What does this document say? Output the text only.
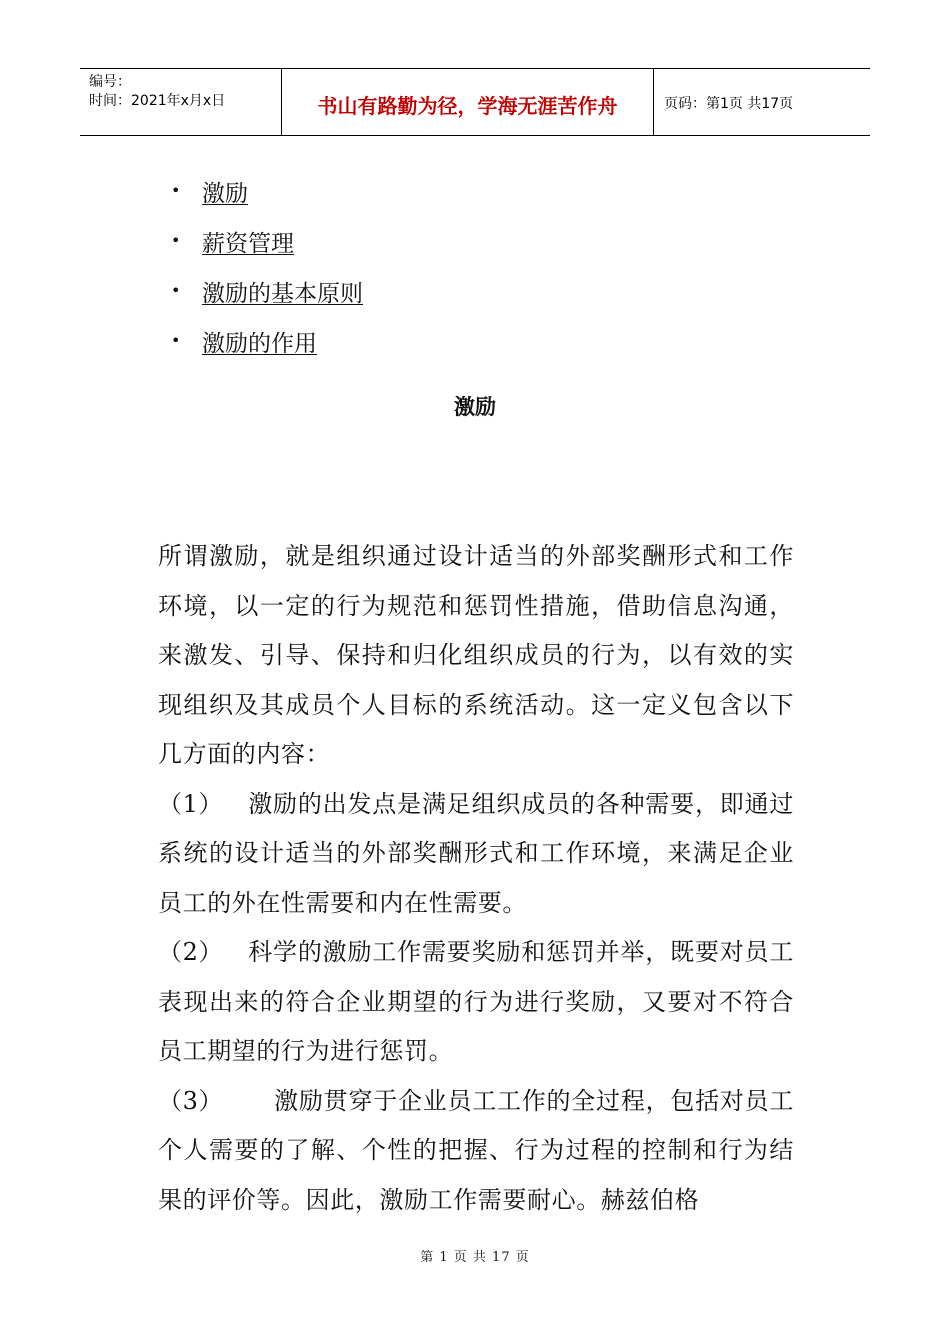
编号：
时间：2021年x月x日	书山有路勤为径，学海无涯苦作舟	页码：第1页 共17页
• 激励
• 薪资管理
• 激励的基本原则
• 激励的作用
激励

所谓激励，就是组织通过设计适当的外部奖酬形式和工作环境，以一定的行为规范和惩罚性措施，借助信息沟通，来激发、引导、保持和归化组织成员的行为，以有效的实现组织及其成员个人目标的系统活动。这一定义包含以下几方面的内容：

（1） 激励的出发点是满足组织成员的各种需要，即通过系统的设计适当的外部奖酬形式和工作环境，来满足企业员工的外在性需要和内在性需要。

（2） 科学的激励工作需要奖励和惩罚并举，既要对员工表现出来的符合企业期望的行为进行奖励，又要对不符合员工期望的行为进行惩罚。

（3） 激励贯穿于企业员工工作的全过程，包括对员工个人需要的了解、个性的把握、行为过程的控制和行为结果的评价等。因此，激励工作需要耐心。赫兹伯格

第 1 页 共 17 页
